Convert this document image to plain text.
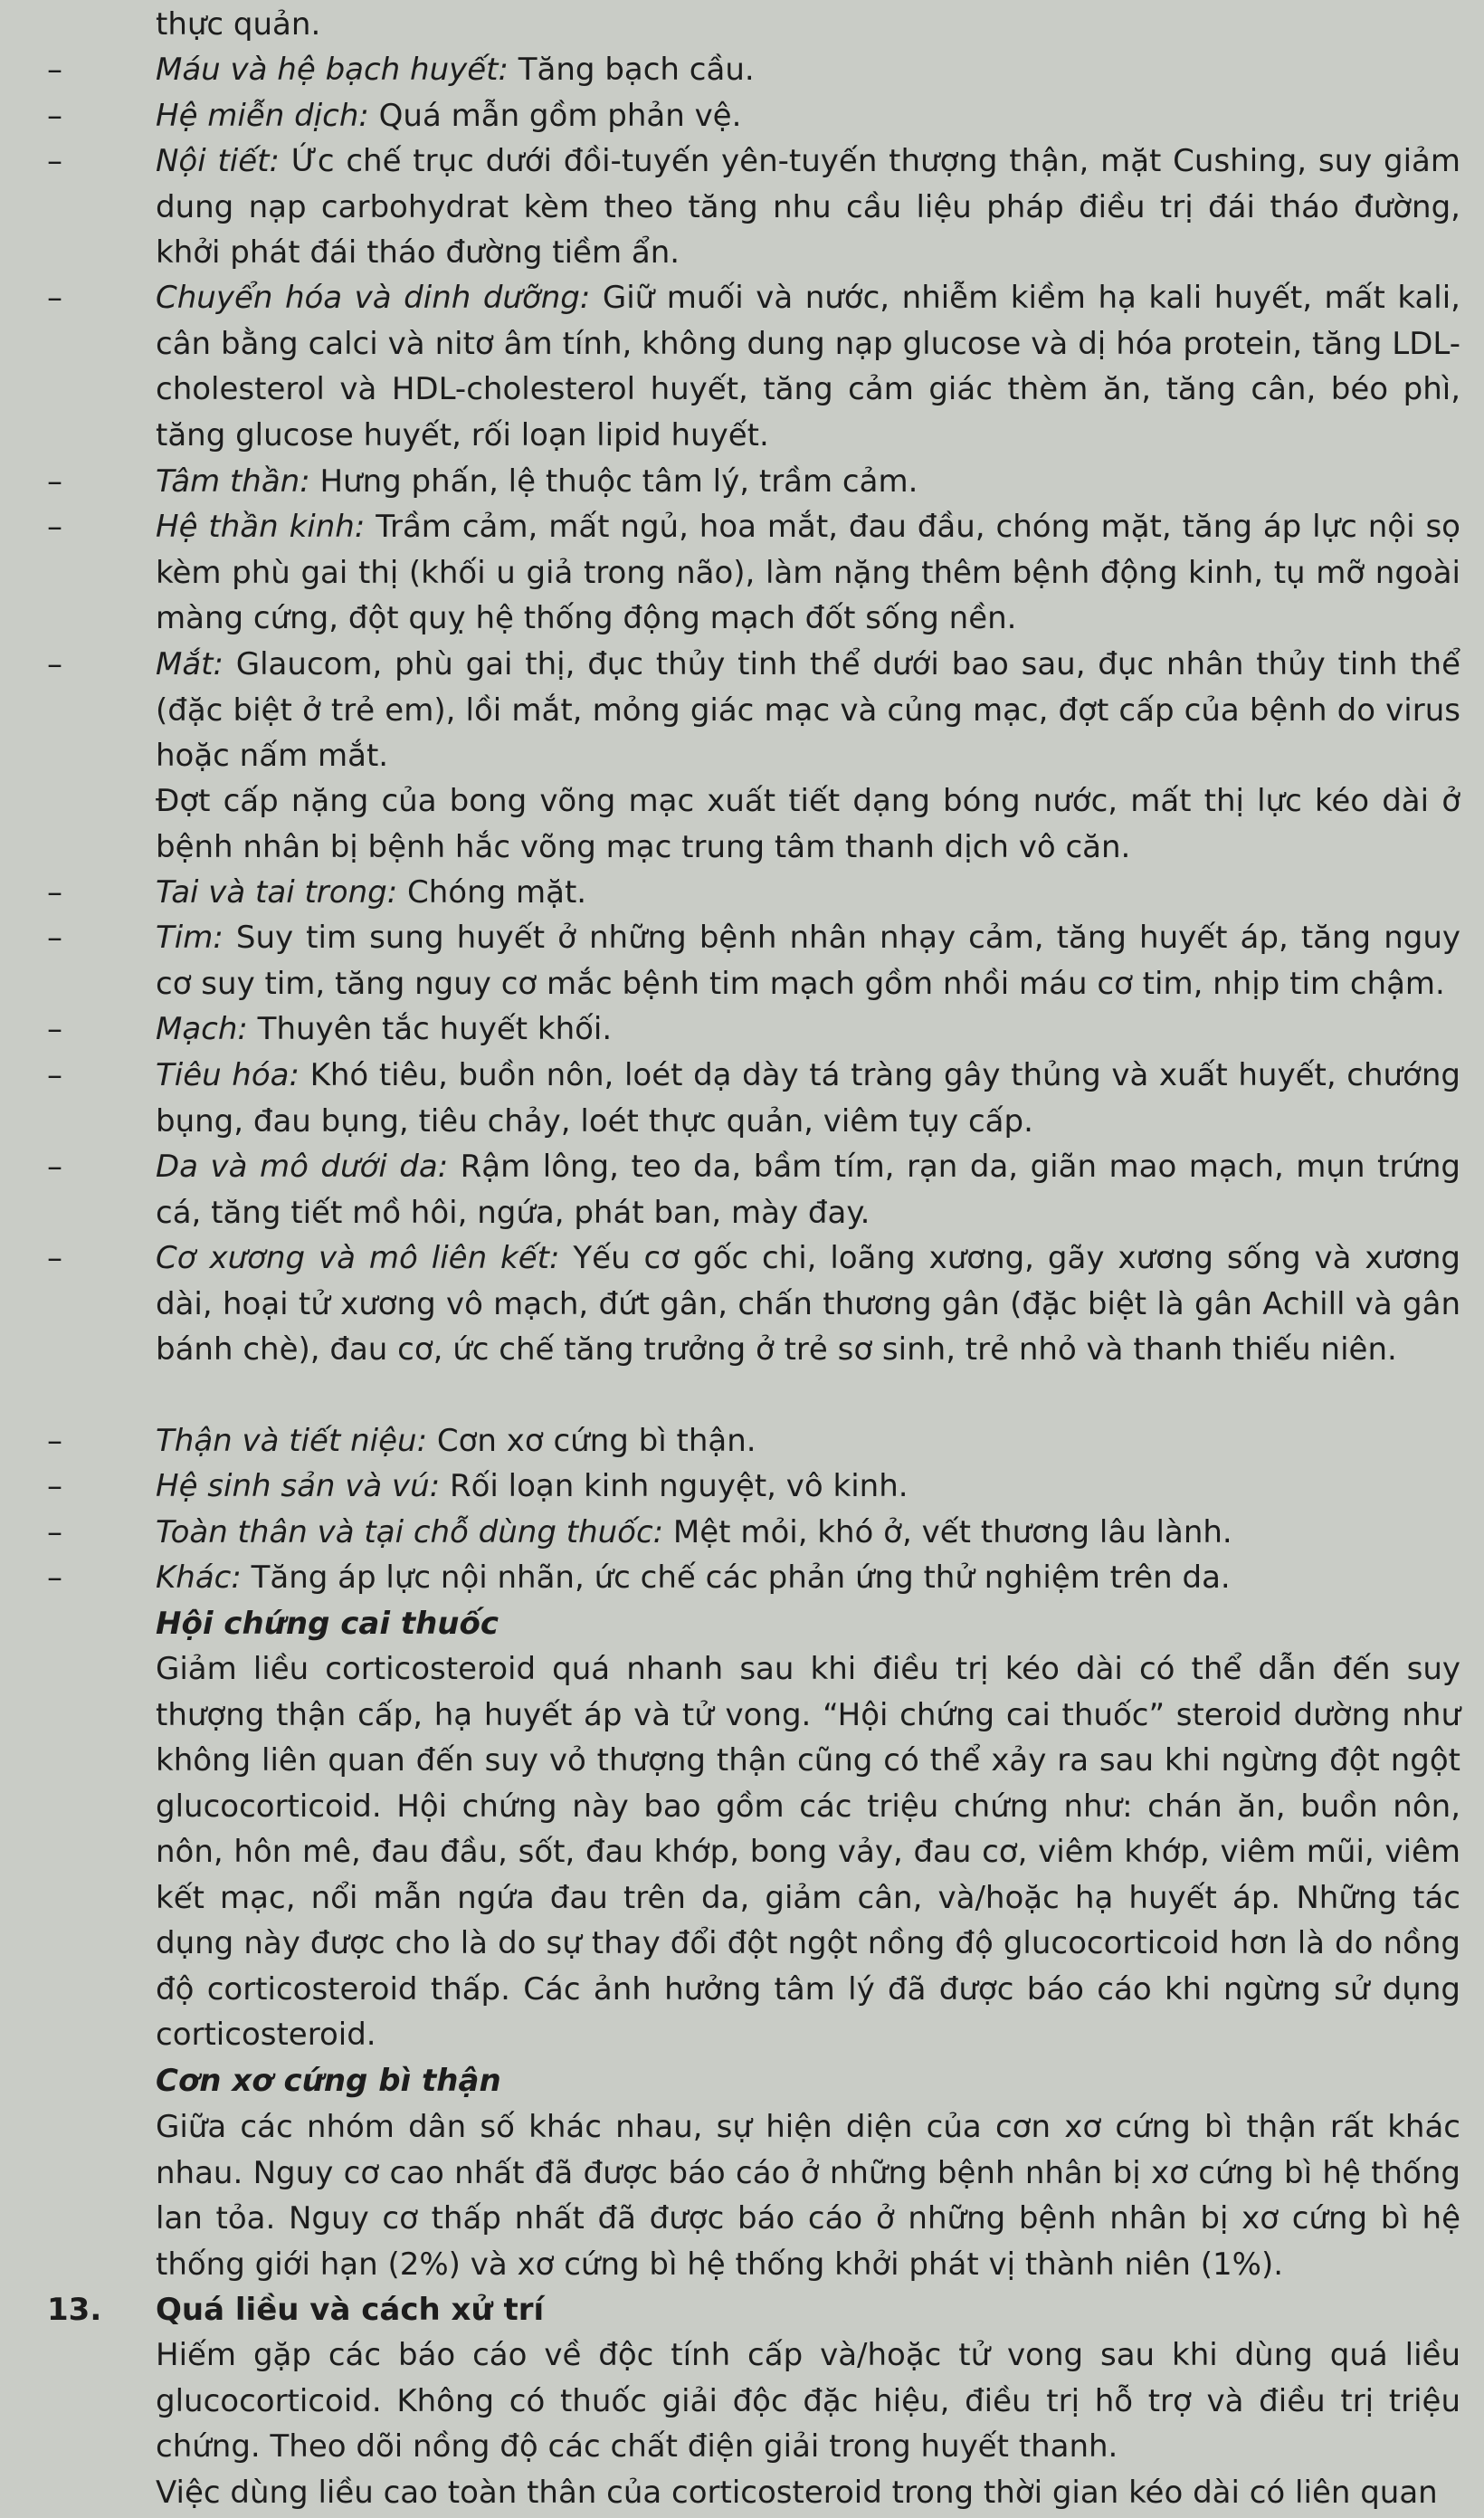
thực quản.
–	Máu và hệ bạch huyết: Tăng bạch cầu.
–	Hệ miễn dịch: Quá mẫn gồm phản vệ.
–	Nội tiết: Ức chế trục dưới đồi-tuyến yên-tuyến thượng thận, mặt Cushing, suy giảm dung nạp carbohydrat kèm theo tăng nhu cầu liệu pháp điều trị đái tháo đường, khởi phát đái tháo đường tiềm ẩn.
–	Chuyển hóa và dinh dưỡng: Giữ muối và nước, nhiễm kiềm hạ kali huyết, mất kali, cân bằng calci và nitơ âm tính, không dung nạp glucose và dị hóa protein, tăng LDL-cholesterol và HDL-cholesterol huyết, tăng cảm giác thèm ăn, tăng cân, béo phì, tăng glucose huyết, rối loạn lipid huyết.
–	Tâm thần: Hưng phấn, lệ thuộc tâm lý, trầm cảm.
–	Hệ thần kinh: Trầm cảm, mất ngủ, hoa mắt, đau đầu, chóng mặt, tăng áp lực nội sọ kèm phù gai thị (khối u giả trong não), làm nặng thêm bệnh động kinh, tụ mỡ ngoài màng cứng, đột quỵ hệ thống động mạch đốt sống nền.
–	Mắt: Glaucom, phù gai thị, đục thủy tinh thể dưới bao sau, đục nhân thủy tinh thể (đặc biệt ở trẻ em), lồi mắt, mỏng giác mạc và củng mạc, đợt cấp của bệnh do virus hoặc nấm mắt.
Đợt cấp nặng của bong võng mạc xuất tiết dạng bóng nước, mất thị lực kéo dài ở bệnh nhân bị bệnh hắc võng mạc trung tâm thanh dịch vô căn.
–	Tai và tai trong: Chóng mặt.
–	Tim: Suy tim sung huyết ở những bệnh nhân nhạy cảm, tăng huyết áp, tăng nguy cơ suy tim, tăng nguy cơ mắc bệnh tim mạch gồm nhồi máu cơ tim, nhịp tim chậm.
–	Mạch: Thuyên tắc huyết khối.
–	Tiêu hóa: Khó tiêu, buồn nôn, loét dạ dày tá tràng gây thủng và xuất huyết, chướng bụng, đau bụng, tiêu chảy, loét thực quản, viêm tụy cấp.
–	Da và mô dưới da: Rậm lông, teo da, bầm tím, rạn da, giãn mao mạch, mụn trứng cá, tăng tiết mồ hôi, ngứa, phát ban, mày đay.
–	Cơ xương và mô liên kết: Yếu cơ gốc chi, loãng xương, gãy xương sống và xương dài, hoại tử xương vô mạch, đứt gân, chấn thương gân (đặc biệt là gân Achill và gân bánh chè), đau cơ, ức chế tăng trưởng ở trẻ sơ sinh, trẻ nhỏ và thanh thiếu niên.
–	Thận và tiết niệu: Cơn xơ cứng bì thận.
–	Hệ sinh sản và vú: Rối loạn kinh nguyệt, vô kinh.
–	Toàn thân và tại chỗ dùng thuốc: Mệt mỏi, khó ở, vết thương lâu lành.
–	Khác: Tăng áp lực nội nhãn, ức chế các phản ứng thử nghiệm trên da.
Hội chứng cai thuốc
Giảm liều corticosteroid quá nhanh sau khi điều trị kéo dài có thể dẫn đến suy thượng thận cấp, hạ huyết áp và tử vong. “Hội chứng cai thuốc” steroid dường như không liên quan đến suy vỏ thượng thận cũng có thể xảy ra sau khi ngừng đột ngột glucocorticoid. Hội chứng này bao gồm các triệu chứng như: chán ăn, buồn nôn, nôn, hôn mê, đau đầu, sốt, đau khớp, bong vảy, đau cơ, viêm khớp, viêm mũi, viêm kết mạc, nổi mẫn ngứa đau trên da, giảm cân, và/hoặc hạ huyết áp. Những tác dụng này được cho là do sự thay đổi đột ngột nồng độ glucocorticoid hơn là do nồng độ corticosteroid thấp. Các ảnh hưởng tâm lý đã được báo cáo khi ngừng sử dụng corticosteroid.
Cơn xơ cứng bì thận
Giữa các nhóm dân số khác nhau, sự hiện diện của cơn xơ cứng bì thận rất khác nhau. Nguy cơ cao nhất đã được báo cáo ở những bệnh nhân bị xơ cứng bì hệ thống lan tỏa. Nguy cơ thấp nhất đã được báo cáo ở những bệnh nhân bị xơ cứng bì hệ thống giới hạn (2%) và xơ cứng bì hệ thống khởi phát vị thành niên (1%).
13. Quá liều và cách xử trí
Hiếm gặp các báo cáo về độc tính cấp và/hoặc tử vong sau khi dùng quá liều glucocorticoid. Không có thuốc giải độc đặc hiệu, điều trị hỗ trợ và điều trị triệu chứng. Theo dõi nồng độ các chất điện giải trong huyết thanh.
Việc dùng liều cao toàn thân của corticosteroid trong thời gian kéo dài có liên quan
